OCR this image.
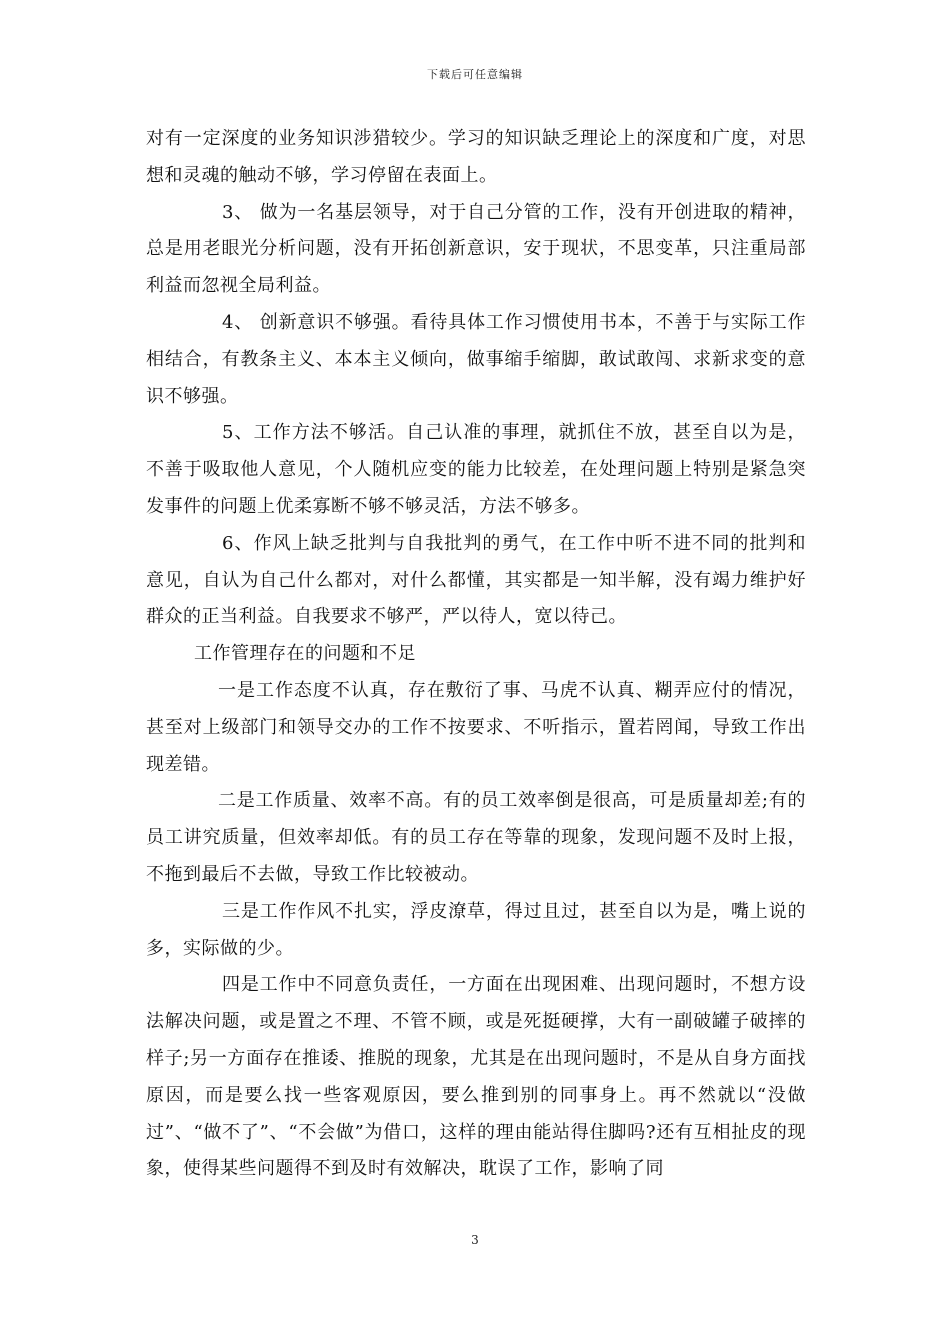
下载后可任意编辑

对有一定深度的业务知识涉猎较少。学习的知识缺乏理论上的深度和广度，对思想和灵魂的触动不够，学习停留在表面上。

3、 做为一名基层领导，对于自己分管的工作，没有开创进取的精神，总是用老眼光分析问题，没有开拓创新意识，安于现状，不思变革，只注重局部利益而忽视全局利益。

4、 创新意识不够强。看待具体工作习惯使用书本，不善于与实际工作相结合，有教条主义、本本主义倾向，做事缩手缩脚，敢试敢闯、求新求变的意识不够强。

5、工作方法不够活。自己认准的事理，就抓住不放，甚至自以为是，不善于吸取他人意见，个人随机应变的能力比较差，在处理问题上特别是紧急突发事件的问题上优柔寡断不够不够灵活，方法不够多。

6、作风上缺乏批判与自我批判的勇气，在工作中听不进不同的批判和意见，自认为自己什么都对，对什么都懂，其实都是一知半解，没有竭力维护好群众的正当利益。自我要求不够严，严以待人，宽以待己。

工作管理存在的问题和不足

一是工作态度不认真，存在敷衍了事、马虎不认真、糊弄应付的情况，甚至对上级部门和领导交办的工作不按要求、不听指示，置若罔闻，导致工作出现差错。

二是工作质量、效率不高。有的员工效率倒是很高，可是质量却差;有的员工讲究质量，但效率却低。有的员工存在等靠的现象，发现问题不及时上报，不拖到最后不去做，导致工作比较被动。

三是工作作风不扎实，浮皮潦草，得过且过，甚至自以为是，嘴上说的多，实际做的少。

四是工作中不同意负责任，一方面在出现困难、出现问题时，不想方设法解决问题，或是置之不理、不管不顾，或是死挺硬撑，大有一副破罐子破摔的样子;另一方面存在推诿、推脱的现象，尤其是在出现问题时，不是从自身方面找原因，而是要么找一些客观原因，要么推到别的同事身上。再不然就以“没做过”、“做不了”、“不会做”为借口，这样的理由能站得住脚吗?还有互相扯皮的现象，使得某些问题得不到及时有效解决，耽误了工作，影响了同

3
